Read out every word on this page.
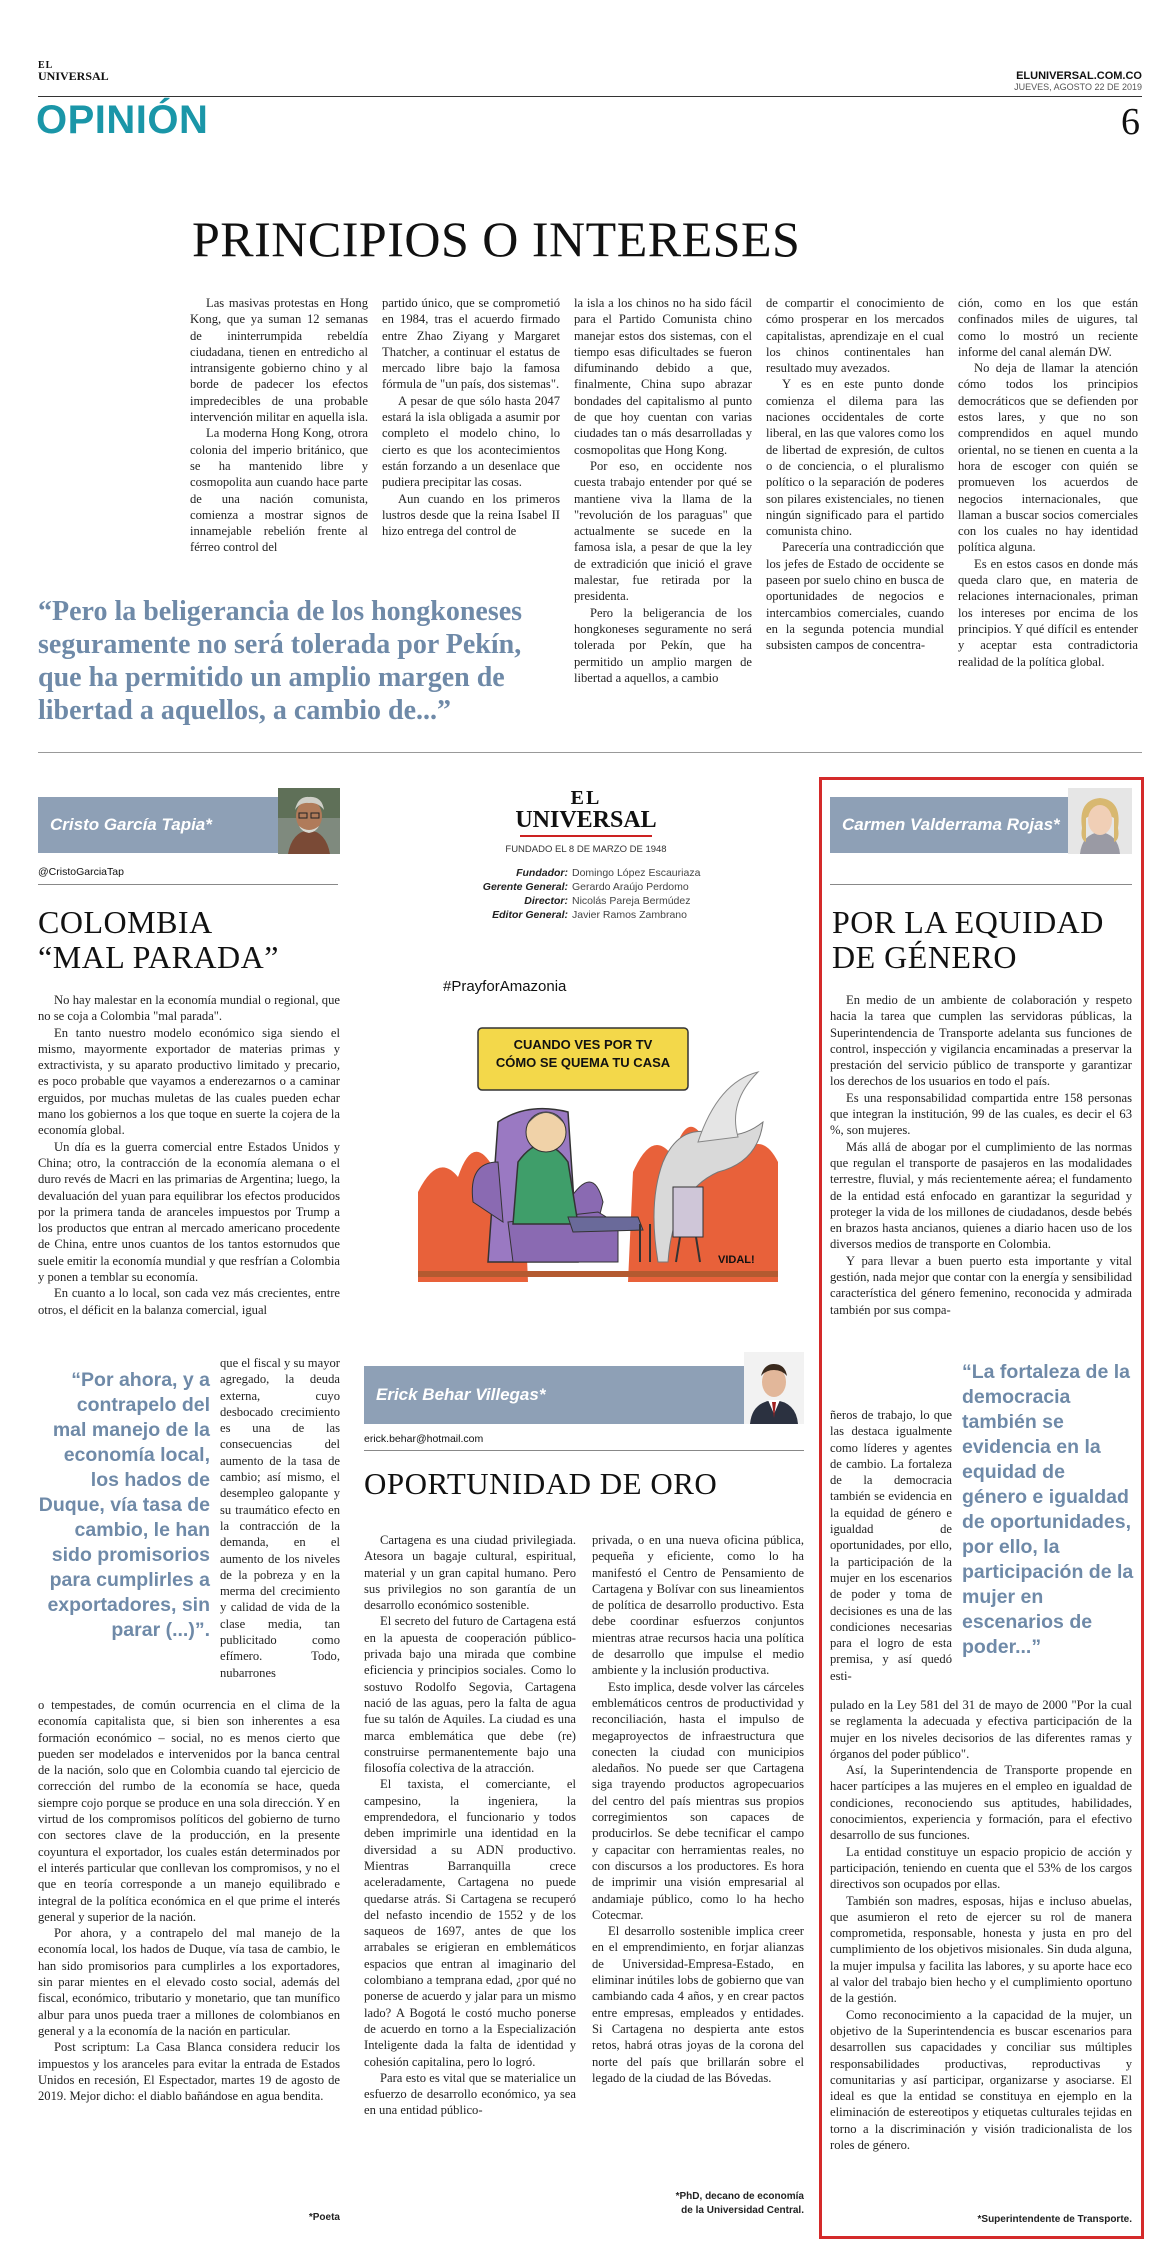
EL
UNIVERSAL	ELUNIVERSAL.COM.CO
JUEVES, AGOSTO 22 DE 2019
OPINIÓN	6
PRINCIPIOS O INTERESES

Las masivas protestas en Hong Kong, que ya suman 12 semanas de ininterrumpida rebeldía ciudadana, tienen en entredicho al intransigente gobierno chino y al borde de padecer los efectos impredecibles de una probable intervención militar en aquella isla.

La moderna Hong Kong, otrora colonia del imperio británico, que se ha mantenido libre y cosmopolita aun cuando hace parte de una nación comunista, comienza a mostrar signos de innamejable rebelión frente al férreo control del

partido único, que se comprometió en 1984, tras el acuerdo firmado entre Zhao Ziyang y Margaret Thatcher, a continuar el estatus de mercado libre bajo la famosa fórmula de "un país, dos sistemas".

A pesar de que sólo hasta 2047 estará la isla obligada a asumir por completo el modelo chino, lo cierto es que los acontecimientos están forzando a un desenlace que pudiera precipitar las cosas.

Aun cuando en los primeros lustros desde que la reina Isabel II hizo entrega del control de

la isla a los chinos no ha sido fácil para el Partido Comunista chino manejar estos dos sistemas, con el tiempo esas dificultades se fueron difuminando debido a que, finalmente, China supo abrazar bondades del capitalismo al punto de que hoy cuentan con varias ciudades tan o más desarrolladas y cosmopolitas que Hong Kong.

Por eso, en occidente nos cuesta trabajo entender por qué se mantiene viva la llama de la "revolución de los paraguas" que actualmente se sucede en la famosa isla, a pesar de que la ley de extradición que inició el grave malestar, fue retirada por la presidenta.

Pero la beligerancia de los hongkoneses seguramente no será tolerada por Pekín, que ha permitido un amplio margen de libertad a aquellos, a cambio

de compartir el conocimiento de cómo prosperar en los mercados capitalistas, aprendizaje en el cual los chinos continentales han resultado muy avezados.

Y es en este punto donde comienza el dilema para las naciones occidentales de corte liberal, en las que valores como los de libertad de expresión, de cultos o de conciencia, o el pluralismo político o la separación de poderes son pilares existenciales, no tienen ningún significado para el partido comunista chino.

Parecería una contradicción que los jefes de Estado de occidente se paseen por suelo chino en busca de oportunidades de negocios e intercambios comerciales, cuando en la segunda potencia mundial subsisten campos de concentra-

ción, como en los que están confinados miles de uigures, tal como lo mostró un reciente informe del canal alemán DW.

No deja de llamar la atención cómo todos los principios democráticos que se defienden por estos lares, y que no son comprendidos en aquel mundo oriental, no se tienen en cuenta a la hora de escoger con quién se promueven los acuerdos de negocios internacionales, que llaman a buscar socios comerciales con los cuales no hay identidad política alguna.

Es en estos casos en donde más queda claro que, en materia de relaciones internacionales, priman los intereses por encima de los principios. Y qué difícil es entender y aceptar esta contradictoria realidad de la política global.

“Pero la beligerancia de los hongkoneses seguramente no será tolerada por Pekín, que ha permitido un amplio margen de libertad a aquellos, a cambio de...”
Cristo García Tapia*
@CristoGarciaTap
COLOMBIA
“MAL PARADA”

No hay malestar en la economía mundial o regional, que no se coja a Colombia "mal parada".

En tanto nuestro modelo económico siga siendo el mismo, mayormente exportador de materias primas y extractivista, y su aparato productivo limitado y precario, es poco probable que vayamos a enderezarnos o a caminar erguidos, por muchas muletas de las cuales pueden echar mano los gobiernos a los que toque en suerte la cojera de la economía global.

Un día es la guerra comercial entre Estados Unidos y China; otro, la contracción de la economía alemana o el duro revés de Macri en las primarias de Argentina; luego, la devaluación del yuan para equilibrar los efectos producidos por la primera tanda de aranceles impuestos por Trump a los productos que entran al mercado americano procedente de China, entre unos cuantos de los tantos estornudos que suele emitir la economía mundial y que resfrían a Colombia y ponen a temblar su economía.

En cuanto a lo local, son cada vez más crecientes, entre otros, el déficit en la balanza comercial, igual

“Por ahora, y a contrapelo del mal manejo de la economía local, los hados de Duque, vía tasa de cambio, le han sido promisorios para cumplirles a exportadores, sin parar (...)”.
que el fiscal y su mayor agregado, la deuda externa, cuyo desbocado crecimiento es una de las consecuencias del aumento de la tasa de cambio; así mismo, el desempleo galopante y su traumático efecto en la contracción de la demanda, en el aumento de los niveles de la pobreza y en la merma del crecimiento y calidad de vida de la clase media, tan publicitado como efímero. Todo, nubarrones

o tempestades, de común ocurrencia en el clima de la economía capitalista que, si bien son inherentes a esa formación económico – social, no es menos cierto que pueden ser modelados e intervenidos por la banca central de la nación, solo que en Colombia cuando tal ejercicio de corrección del rumbo de la economía se hace, queda siempre cojo porque se produce en una sola dirección. Y en virtud de los compromisos políticos del gobierno de turno con sectores clave de la producción, en la presente coyuntura el exportador, los cuales están determinados por el interés particular que conllevan los compromisos, y no el que en teoría corresponde a un manejo equilibrado e integral de la política económica en el que prime el interés general y superior de la nación.

Por ahora, y a contrapelo del mal manejo de la economía local, los hados de Duque, vía tasa de cambio, le han sido promisorios para cumplirles a los exportadores, sin parar mientes en el elevado costo social, además del fiscal, económico, tributario y monetario, que tan munífico albur para unos pueda traer a millones de colombianos en general y a la economía de la nación en particular.

Post scriptum: La Casa Blanca considera reducir los impuestos y los aranceles para evitar la entrada de Estados Unidos en recesión, El Espectador, martes 19 de agosto de 2019. Mejor dicho: el diablo bañándose en agua bendita.

*Poeta
EL
UNIVERSAL
FUNDADO EL 8 DE MARZO DE 1948
Fundador: Domingo López Escauriaza
Gerente General: Gerardo Araújo Perdomo
Director: Nicolás Pareja Bermúdez
Editor General: Javier Ramos Zambrano
#PrayforAmazonia
CUANDO VES POR TV
CÓMO SE QUEMA TU CASA
VIDAL!
Erick Behar Villegas*
erick.behar@hotmail.com
OPORTUNIDAD DE ORO

Cartagena es una ciudad privilegiada. Atesora un bagaje cultural, espiritual, material y un gran capital humano. Pero sus privilegios no son garantía de un desarrollo económico sostenible.

El secreto del futuro de Cartagena está en la apuesta de cooperación público-privada bajo una mirada que combine eficiencia y principios sociales. Como lo sostuvo Rodolfo Segovia, Cartagena nació de las aguas, pero la falta de agua fue su talón de Aquiles. La ciudad es una marca emblemática que debe (re) construirse permanentemente bajo una filosofía colectiva de la atracción.

El taxista, el comerciante, el campesino, la ingeniera, la emprendedora, el funcionario y todos deben imprimirle una identidad en la diversidad a su ADN productivo. Mientras Barranquilla crece aceleradamente, Cartagena no puede quedarse atrás. Si Cartagena se recuperó del nefasto incendio de 1552 y de los saqueos de 1697, antes de que los arrabales se erigieran en emblemáticos espacios que entran al imaginario del colombiano a temprana edad, ¿por qué no ponerse de acuerdo y jalar para un mismo lado? A Bogotá le costó mucho ponerse de acuerdo en torno a la Especialización Inteligente dada la falta de identidad y cohesión capitalina, pero lo logró.

Para esto es vital que se materialice un esfuerzo de desarrollo económico, ya sea en una entidad público-

privada, o en una nueva oficina pública, pequeña y eficiente, como lo ha manifestó el Centro de Pensamiento de Cartagena y Bolívar con sus lineamientos de política de desarrollo productivo. Esta debe coordinar esfuerzos conjuntos mientras atrae recursos hacia una política de desarrollo que impulse el medio ambiente y la inclusión productiva.

Esto implica, desde volver las cárceles emblemáticos centros de productividad y reconciliación, hasta el impulso de megaproyectos de infraestructura que conecten la ciudad con municipios aledaños. No puede ser que Cartagena siga trayendo productos agropecuarios del centro del país mientras sus propios corregimientos son capaces de producirlos. Se debe tecnificar el campo y capacitar con herramientas reales, no con discursos a los productores. Es hora de imprimir una visión empresarial al andamiaje público, como lo ha hecho Cotecmar.

El desarrollo sostenible implica creer en el emprendimiento, en forjar alianzas de Universidad-Empresa-Estado, en eliminar inútiles lobs de gobierno que van cambiando cada 4 años, y en crear pactos entre empresas, empleados y entidades. Si Cartagena no despierta ante estos retos, habrá otras joyas de la corona del norte del país que brillarán sobre el legado de la ciudad de las Bóvedas.

*PhD, decano de economía
de la Universidad Central.
Carmen Valderrama Rojas*
POR LA EQUIDAD
DE GÉNERO

En medio de un ambiente de colaboración y respeto hacia la tarea que cumplen las servidoras públicas, la Superintendencia de Transporte adelanta sus funciones de control, inspección y vigilancia encaminadas a preservar la prestación del servicio público de transporte y garantizar los derechos de los usuarios en todo el país.

Es una responsabilidad compartida entre 158 personas que integran la institución, 99 de las cuales, es decir el 63 %, son mujeres.

Más allá de abogar por el cumplimiento de las normas que regulan el transporte de pasajeros en las modalidades terrestre, fluvial, y más recientemente aérea; el fundamento de la entidad está enfocado en garantizar la seguridad y proteger la vida de los millones de ciudadanos, desde bebés en brazos hasta ancianos, quienes a diario hacen uso de los diversos medios de transporte en Colombia.

Y para llevar a buen puerto esta importante y vital gestión, nada mejor que contar con la energía y sensibilidad característica del género femenino, reconocida y admirada también por sus compa-

ñeros de trabajo, lo que las destaca igualmente como líderes y agentes de cambio. La fortaleza de la democracia también se evidencia en la equidad de género e igualdad de oportunidades, por ello, la participación de la mujer en los escenarios de poder y toma de decisiones es una de las condiciones necesarias para el logro de esta premisa, y así quedó esti-
“La fortaleza de la democracia también se evidencia en la equidad de género e igualdad de oportunidades, por ello, la participación de la mujer en escenarios de poder...”

pulado en la Ley 581 del 31 de mayo de 2000 "Por la cual se reglamenta la adecuada y efectiva participación de la mujer en los niveles decisorios de las diferentes ramas y órganos del poder público".

Así, la Superintendencia de Transporte propende en hacer partícipes a las mujeres en el empleo en igualdad de condiciones, reconociendo sus aptitudes, habilidades, conocimientos, experiencia y formación, para el efectivo desarrollo de sus funciones.

La entidad constituye un espacio propicio de acción y participación, teniendo en cuenta que el 53% de los cargos directivos son ocupados por ellas.

También son madres, esposas, hijas e incluso abuelas, que asumieron el reto de ejercer su rol de manera comprometida, responsable, honesta y justa en pro del cumplimiento de los objetivos misionales. Sin duda alguna, la mujer impulsa y facilita las labores, y su aporte hace eco al valor del trabajo bien hecho y el cumplimiento oportuno de la gestión.

Como reconocimiento a la capacidad de la mujer, un objetivo de la Superintendencia es buscar escenarios para desarrollen sus capacidades y conciliar sus múltiples responsabilidades productivas, reproductivas y comunitarias y así participar, organizarse y asociarse. El ideal es que la entidad se constituya en ejemplo en la eliminación de estereotipos y etiquetas culturales tejidas en torno a la discriminación y visión tradicionalista de los roles de género.

*Superintendente de Transporte.
